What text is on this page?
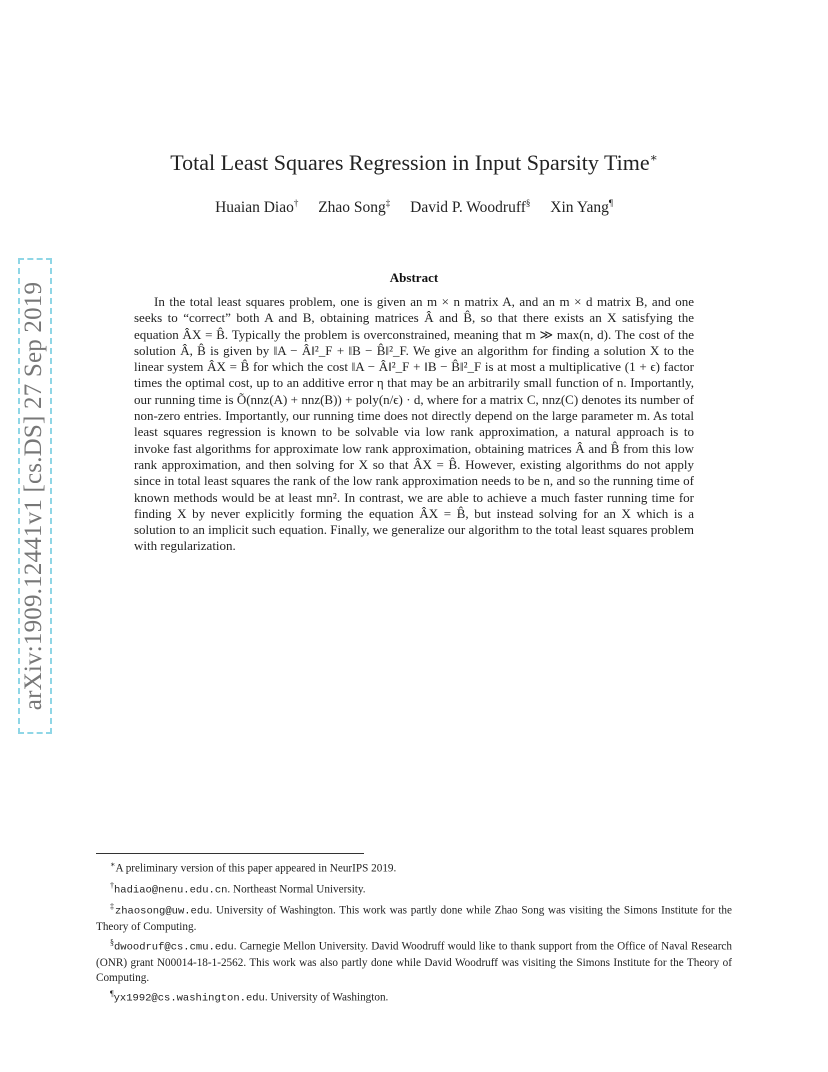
arXiv:1909.12441v1 [cs.DS] 27 Sep 2019
Total Least Squares Regression in Input Sparsity Time∗
Huaian Diao† Zhao Song‡ David P. Woodruff§ Xin Yang¶
Abstract
In the total least squares problem, one is given an m × n matrix A, and an m × d matrix B, and one seeks to “correct” both A and B, obtaining matrices Â and B̂, so that there exists an X satisfying the equation ÂX = B̂. Typically the problem is overconstrained, meaning that m ≫ max(n, d). The cost of the solution Â, B̂ is given by ‖A − Â‖²_F + ‖B − B̂‖²_F. We give an algorithm for finding a solution X to the linear system ÂX = B̂ for which the cost ‖A − Â‖²_F + ‖B − B̂‖²_F is at most a multiplicative (1 + ϵ) factor times the optimal cost, up to an additive error η that may be an arbitrarily small function of n. Importantly, our running time is Õ(nnz(A) + nnz(B)) + poly(n/ϵ) · d, where for a matrix C, nnz(C) denotes its number of non-zero entries. Importantly, our running time does not directly depend on the large parameter m. As total least squares regression is known to be solvable via low rank approximation, a natural approach is to invoke fast algorithms for approximate low rank approximation, obtaining matrices Â and B̂ from this low rank approximation, and then solving for X so that ÂX = B̂. However, existing algorithms do not apply since in total least squares the rank of the low rank approximation needs to be n, and so the running time of known methods would be at least mn². In contrast, we are able to achieve a much faster running time for finding X by never explicitly forming the equation ÂX = B̂, but instead solving for an X which is a solution to an implicit such equation. Finally, we generalize our algorithm to the total least squares problem with regularization.
∗A preliminary version of this paper appeared in NeurIPS 2019.
†hadiao@nenu.edu.cn. Northeast Normal University.
‡zhaosong@uw.edu. University of Washington. This work was partly done while Zhao Song was visiting the Simons Institute for the Theory of Computing.
§dwoodruf@cs.cmu.edu. Carnegie Mellon University. David Woodruff would like to thank support from the Office of Naval Research (ONR) grant N00014-18-1-2562. This work was also partly done while David Woodruff was visiting the Simons Institute for the Theory of Computing.
¶yx1992@cs.washington.edu. University of Washington.
